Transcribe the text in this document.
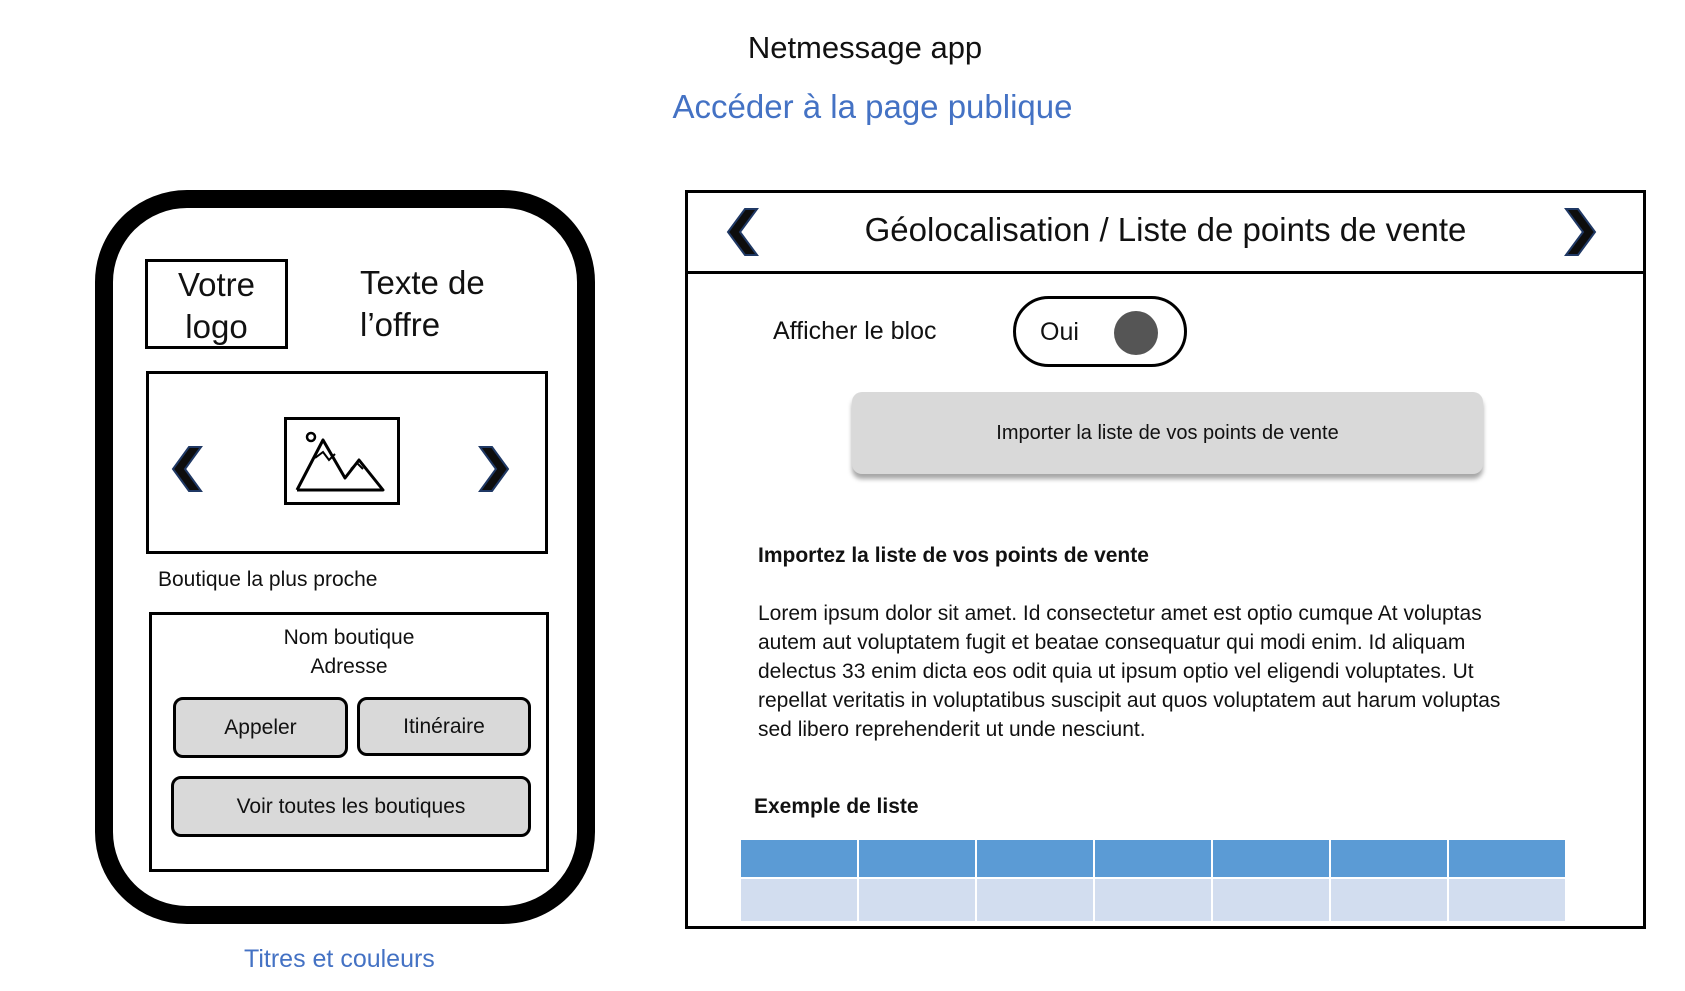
Netmessage app
Accéder à la page publique
Votre
logo
Texte de
l’offre
Boutique la plus proche
Nom boutique
Adresse
Appeler	Itinéraire
Voir toutes les boutiques
Titres et couleurs
Géolocalisation / Liste de points de vente
Afficher le bloc	Oui
Importer la liste de vos points de vente
Importez la liste de vos points de vente
Lorem ipsum dolor sit amet. Id consectetur amet est optio cumque At voluptas
autem aut voluptatem fugit et beatae consequatur qui modi enim. Id aliquam
delectus 33 enim dicta eos odit quia ut ipsum optio vel eligendi voluptates. Ut
repellat veritatis in voluptatibus suscipit aut quos voluptatem aut harum voluptas
sed libero reprehenderit ut unde nesciunt.
Exemple de liste
